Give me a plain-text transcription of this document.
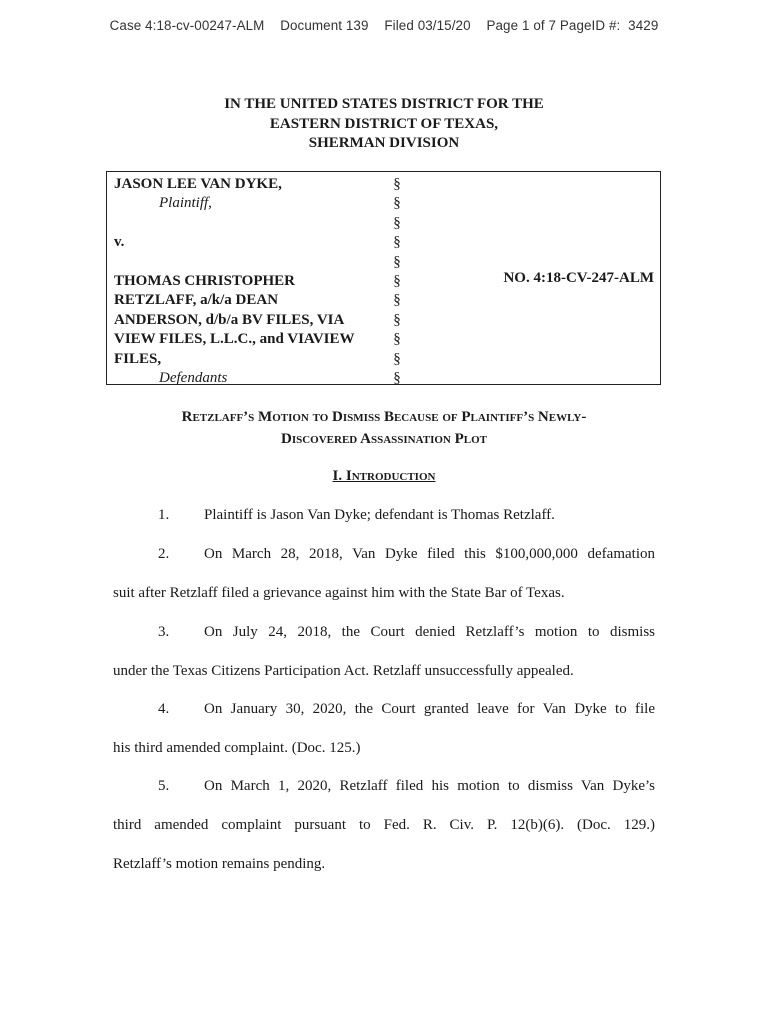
Case 4:18-cv-00247-ALM Document 139 Filed 03/15/20 Page 1 of 7 PageID #: 3429
IN THE UNITED STATES DISTRICT FOR THE
EASTERN DISTRICT OF TEXAS,
SHERMAN DIVISION
JASON LEE VAN DYKE,
Plaintiff,

v.

THOMAS CHRISTOPHER
RETZLAFF, a/k/a DEAN
ANDERSON, d/b/a BV FILES, VIA
VIEW FILES, L.L.C., and VIAVIEW
FILES,
Defendants
§
§
§
§
§
§
§
§
§
§
§
NO. 4:18-CV-247-ALM
Retzlaff’s Motion to Dismiss Because of Plaintiff’s Newly-
Discovered Assassination Plot
I. Introduction
1. Plaintiff is Jason Van Dyke; defendant is Thomas Retzlaff.
2. On March 28, 2018, Van Dyke filed this $100,000,000 defamation
suit after Retzlaff filed a grievance against him with the State Bar of Texas.
3. On July 24, 2018, the Court denied Retzlaff’s motion to dismiss
under the Texas Citizens Participation Act. Retzlaff unsuccessfully appealed.
4. On January 30, 2020, the Court granted leave for Van Dyke to file
his third amended complaint. (Doc. 125.)
5. On March 1, 2020, Retzlaff filed his motion to dismiss Van Dyke’s
third amended complaint pursuant to Fed. R. Civ. P. 12(b)(6). (Doc. 129.)
Retzlaff’s motion remains pending.
